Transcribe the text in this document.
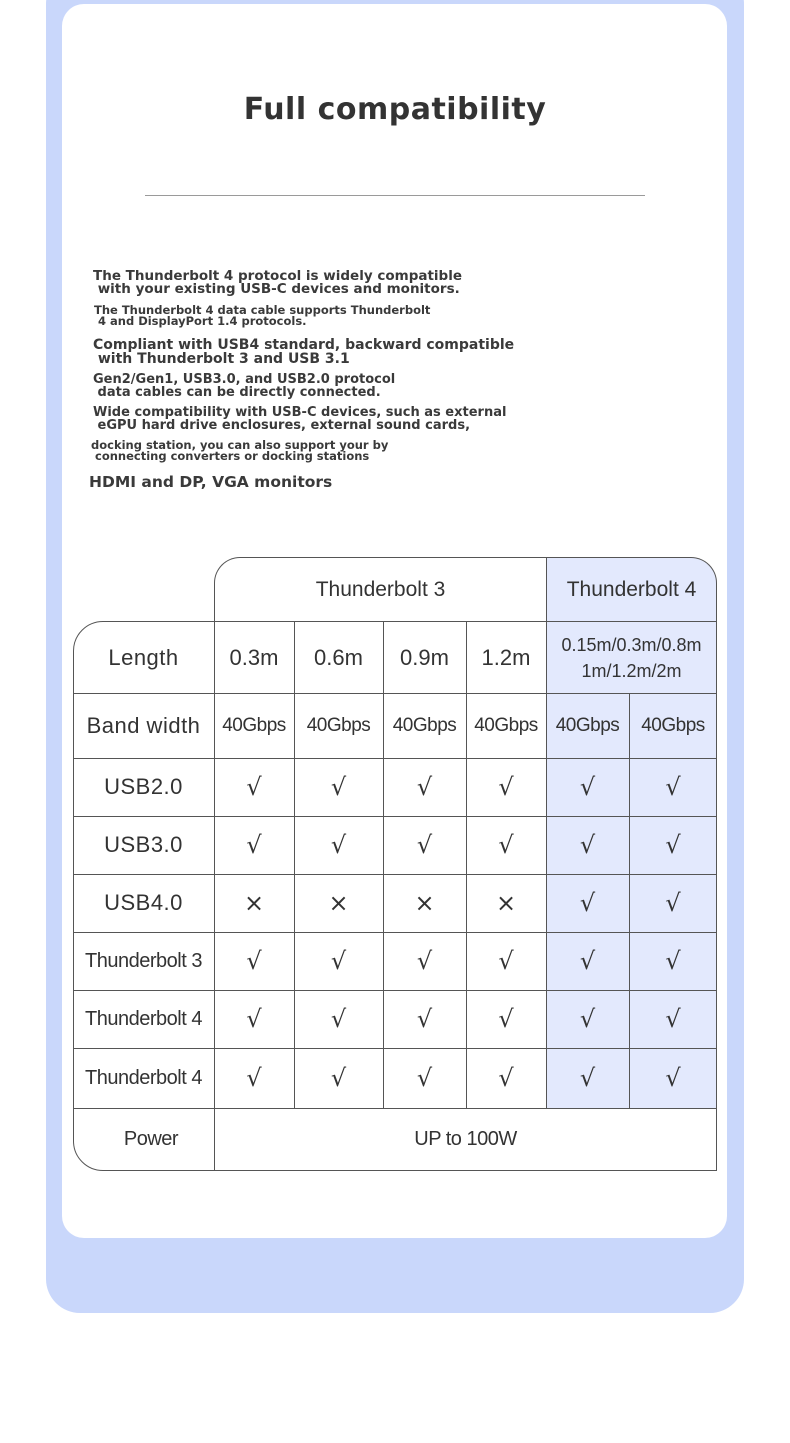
Full compatibility

The Thunderbolt 4 protocol is widely compatible
with your existing USB-C devices and monitors.

The Thunderbolt 4 data cable supports Thunderbolt
4 and DisplayPort 1.4 protocols.

Compliant with USB4 standard, backward compatible
with Thunderbolt 3 and USB 3.1

Gen2/Gen1, USB3.0, and USB2.0 protocol
data cables can be directly connected.

Wide compatibility with USB-C devices, such as external
eGPU hard drive enclosures, external sound cards,

docking station, you can also support your by
connecting converters or docking stations

HDMI and DP, VGA monitors

Thunderbolt 3	Thunderbolt 4
Length	0.3m	0.6m	0.9m	1.2m	0.15m/0.3m/0.8m
1m/1.2m/2m
Band width	40Gbps	40Gbps	40Gbps 40Gbps 40Gbps	40Gbps
USB2.0	√	√	√	√	√	√
USB3.0	√	√	√	√	√	√
USB4.0	×	×	×	×	√	√
Thunderbolt 3	√	√	√	√	√	√
Thunderbolt 4	√	√	√	√	√	√
Thunderbolt 4	√	√	√	√	√	√
Power	UP to 100W
